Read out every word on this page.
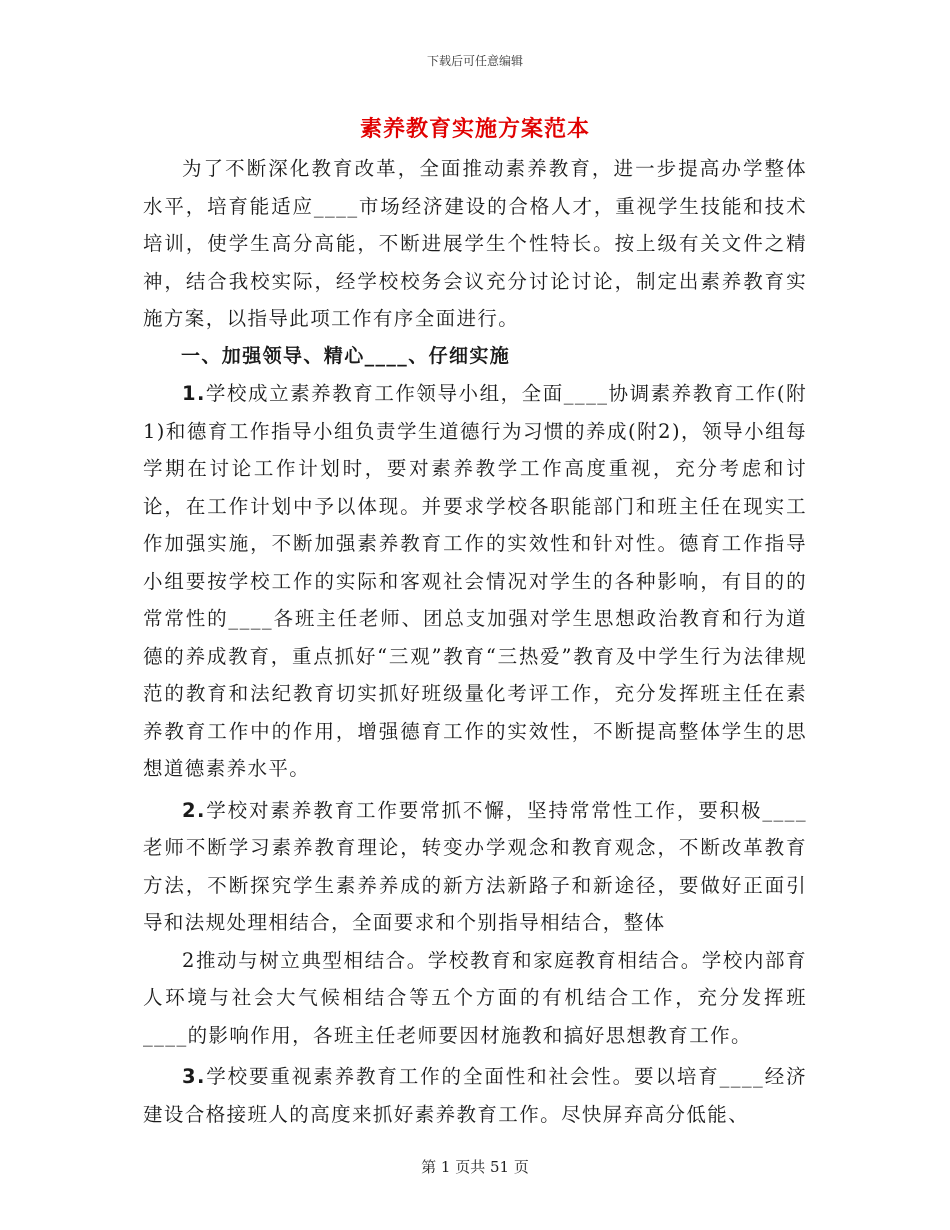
下载后可任意编辑
素养教育实施方案范本

为了不断深化教育改革，全面推动素养教育，进一步提高办学整体水平，培育能适应____市场经济建设的合格人才，重视学生技能和技术培训，使学生高分高能，不断进展学生个性特长。按上级有关文件之精神，结合我校实际，经学校校务会议充分讨论讨论，制定出素养教育实施方案，以指导此项工作有序全面进行。

一、加强领导、精心____、仔细实施

1.学校成立素养教育工作领导小组，全面____协调素养教育工作(附1)和德育工作指导小组负责学生道德行为习惯的养成(附2)，领导小组每学期在讨论工作计划时，要对素养教学工作高度重视，充分考虑和讨论，在工作计划中予以体现。并要求学校各职能部门和班主任在现实工作加强实施，不断加强素养教育工作的实效性和针对性。德育工作指导小组要按学校工作的实际和客观社会情况对学生的各种影响，有目的的常常性的____各班主任老师、团总支加强对学生思想政治教育和行为道德的养成教育，重点抓好“三观”教育“三热爱”教育及中学生行为法律规范的教育和法纪教育切实抓好班级量化考评工作，充分发挥班主任在素养教育工作中的作用，增强德育工作的实效性，不断提高整体学生的思想道德素养水平。

2.学校对素养教育工作要常抓不懈，坚持常常性工作，要积极____老师不断学习素养教育理论，转变办学观念和教育观念，不断改革教育方法，不断探究学生素养养成的新方法新路子和新途径，要做好正面引导和法规处理相结合，全面要求和个别指导相结合，整体

2推动与树立典型相结合。学校教育和家庭教育相结合。学校内部育人环境与社会大气候相结合等五个方面的有机结合工作，充分发挥班____的影响作用，各班主任老师要因材施教和搞好思想教育工作。

3.学校要重视素养教育工作的全面性和社会性。要以培育____经济建设合格接班人的高度来抓好素养教育工作。尽快屏弃高分低能、

第 1 页共 51 页
